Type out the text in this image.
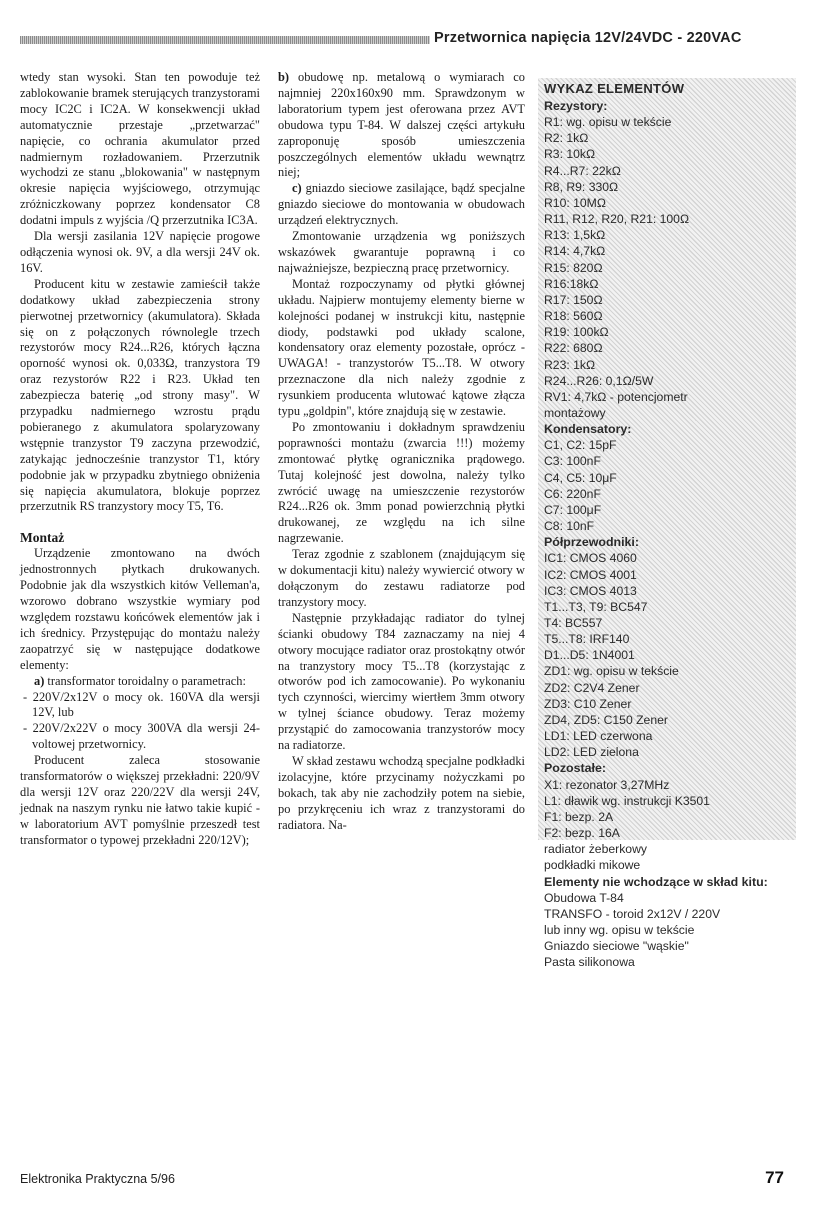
Przetwornica napięcia 12V/24VDC - 220VAC

wtedy stan wysoki. Stan ten powoduje też zablokowanie bramek sterujących tranzystorami mocy IC2C i IC2A. W konsekwencji układ automatycznie przestaje „przetwarzać" napięcie, co ochrania akumulator przed nadmiernym rozładowaniem. Przerzutnik wychodzi ze stanu „blokowania" w następnym okresie napięcia wyjściowego, otrzymując zróżniczkowany poprzez kondensator C8 dodatni impuls z wyjścia /Q przerzutnika IC3A.

Dla wersji zasilania 12V napięcie progowe odłączenia wynosi ok. 9V, a dla wersji 24V ok. 16V.

Producent kitu w zestawie zamieścił także dodatkowy układ zabezpieczenia strony pierwotnej przetwornicy (akumulatora). Składa się on z połączonych równolegle trzech rezystorów mocy R24...R26, których łączna oporność wynosi ok. 0,033Ω, tranzystora T9 oraz rezystorów R22 i R23. Układ ten zabezpiecza baterię „od strony masy". W przypadku nadmiernego wzrostu prądu pobieranego z akumulatora spolaryzowany wstępnie tranzystor T9 zaczyna przewodzić, zatykając jednocześnie tranzystor T1, który podobnie jak w przypadku zbytniego obniżenia się napięcia akumulatora, blokuje poprzez przerzutnik RS tranzystory mocy T5, T6.

Montaż

Urządzenie zmontowano na dwóch jednostronnych płytkach drukowanych. Podobnie jak dla wszystkich kitów Velleman'a, wzorowo dobrano wszystkie wymiary pod względem rozstawu końcówek elementów jak i ich średnicy. Przystępując do montażu należy zaopatrzyć się w następujące dodatkowe elementy:

a) transformator toroidalny o parametrach:

- 220V/2x12V o mocy ok. 160VA dla wersji 12V, lub
- 220V/2x22V o mocy 300VA dla wersji 24-voltowej przetwornicy.

Producent zaleca stosowanie transformatorów o większej przekładni: 220/9V dla wersji 12V oraz 220/22V dla wersji 24V, jednak na naszym rynku nie łatwo takie kupić - w laboratorium AVT pomyślnie przeszedł test transformator o typowej przekładni 220/12V);

b) obudowę np. metalową o wymiarach co najmniej 220x160x90 mm. Sprawdzonym w laboratorium typem jest oferowana przez AVT obudowa typu T-84. W dalszej części artykułu zaproponuję sposób umieszczenia poszczególnych elementów układu wewnątrz niej;

c) gniazdo sieciowe zasilające, bądź specjalne gniazdo sieciowe do montowania w obudowach urządzeń elektrycznych.

Zmontowanie urządzenia wg poniższych wskazówek gwarantuje poprawną i co najważniejsze, bezpieczną pracę przetwornicy.

Montaż rozpoczynamy od płytki głównej układu. Najpierw montujemy elementy bierne w kolejności podanej w instrukcji kitu, następnie diody, podstawki pod układy scalone, kondensatory oraz elementy pozostałe, oprócz - UWAGA! - tranzystorów T5...T8. W otwory przeznaczone dla nich należy zgodnie z rysunkiem producenta wlutować kątowe złącza typu „goldpin", które znajdują się w zestawie.

Po zmontowaniu i dokładnym sprawdzeniu poprawności montażu (zwarcia !!!) możemy zmontować płytkę ogranicznika prądowego. Tutaj kolejność jest dowolna, należy tylko zwrócić uwagę na umieszczenie rezystorów R24...R26 ok. 3mm ponad powierzchnią płytki drukowanej, ze względu na ich silne nagrzewanie.

Teraz zgodnie z szablonem (znajdującym się w dokumentacji kitu) należy wywiercić otwory w dołączonym do zestawu radiatorze pod tranzystory mocy.

Następnie przykładając radiator do tylnej ścianki obudowy T84 zaznaczamy na niej 4 otwory mocujące radiator oraz prostokątny otwór na tranzystory mocy T5...T8 (korzystając z otworów pod ich zamocowanie). Po wykonaniu tych czynności, wiercimy wiertłem 3mm otwory w tylnej ściance obudowy. Teraz możemy przystąpić do zamocowania tranzystorów mocy na radiatorze.

W skład zestawu wchodzą specjalne podkładki izolacyjne, które przycinamy nożyczkami po bokach, tak aby nie zachodziły potem na siebie, po przykręceniu ich wraz z tranzystorami do radiatora. Na-

WYKAZ ELEMENTÓW
Rezystory:
R1: wg. opisu w tekście
R2: 1kΩ
R3: 10kΩ
R4...R7: 22kΩ
R8, R9: 330Ω
R10: 10MΩ
R11, R12, R20, R21: 100Ω
R13: 1,5kΩ
R14: 4,7kΩ
R15: 820Ω
R16:18kΩ
R17: 150Ω
R18: 560Ω
R19: 100kΩ
R22: 680Ω
R23: 1kΩ
R24...R26: 0,1Ω/5W
RV1: 4,7kΩ - potencjometr
montażowy
Kondensatory:
C1, C2: 15pF
C3: 100nF
C4, C5: 10μF
C6: 220nF
C7: 100μF
C8: 10nF
Półprzewodniki:
IC1: CMOS 4060
IC2: CMOS 4001
IC3: CMOS 4013
T1...T3, T9: BC547
T4: BC557
T5...T8: IRF140
D1...D5: 1N4001
ZD1: wg. opisu w tekście
ZD2: C2V4 Zener
ZD3: C10 Zener
ZD4, ZD5: C150 Zener
LD1: LED czerwona
LD2: LED zielona
Pozostałe:
X1: rezonator 3,27MHz
L1: dławik wg. instrukcji K3501
F1: bezp. 2A
F2: bezp. 16A
radiator żeberkowy
podkładki mikowe
Elementy nie wchodzące w skład kitu:
Obudowa T-84
TRANSFO - toroid 2x12V / 220V
lub inny wg. opisu w tekście
Gniazdo sieciowe "wąskie"
Pasta silikonowa
Elektronika Praktyczna 5/96	77
